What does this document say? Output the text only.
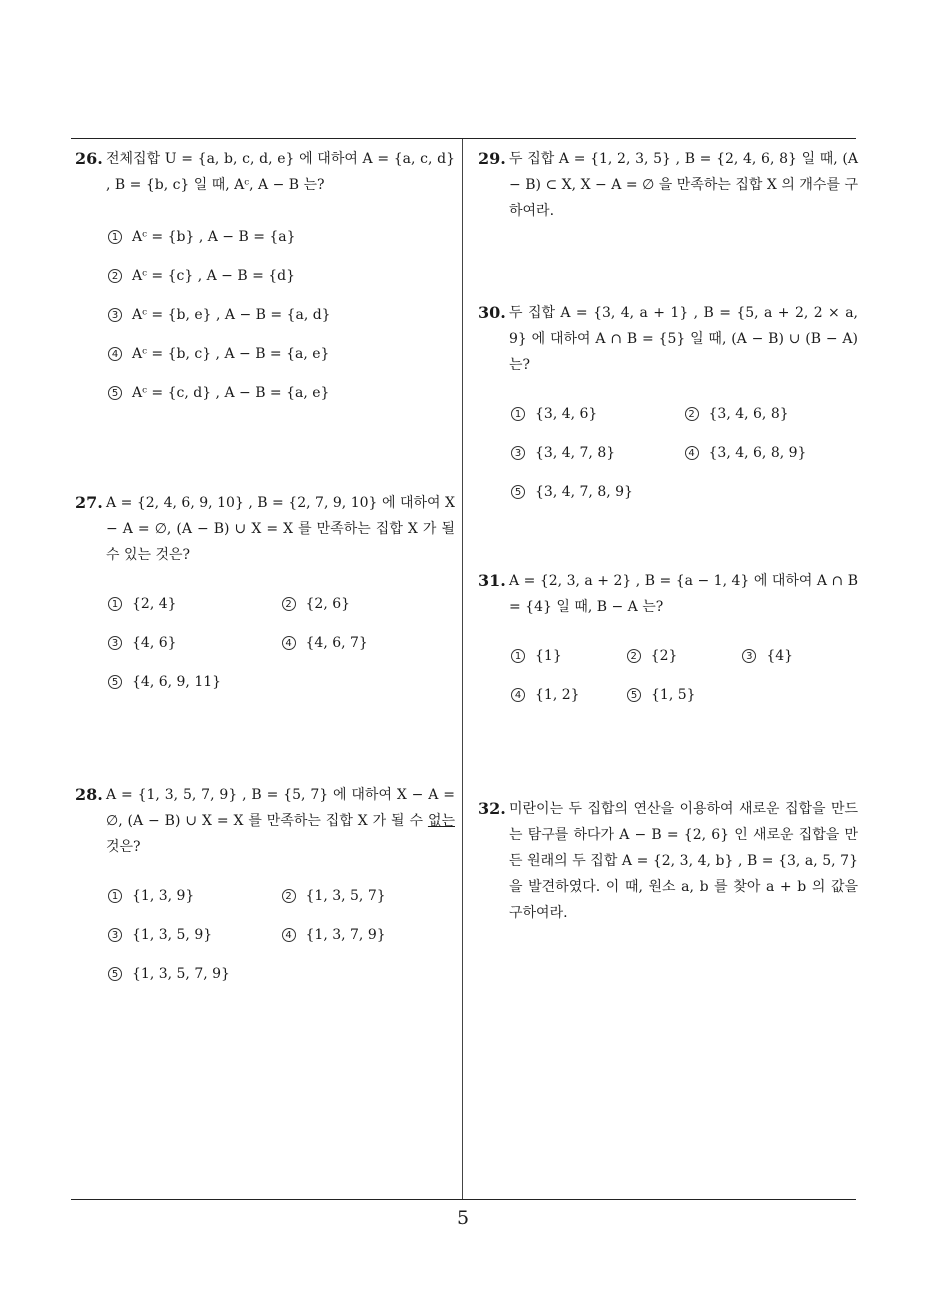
26. 전체집합 U = {a, b, c, d, e} 에 대하여 A = {a, c, d} , B = {b, c} 일 때, Aᶜ, A − B 는?
1 Aᶜ = {b} , A − B = {a}
2 Aᶜ = {c} , A − B = {d}
3 Aᶜ = {b, e} , A − B = {a, d}
4 Aᶜ = {b, c} , A − B = {a, e}
5 Aᶜ = {c, d} , A − B = {a, e}
27. A = {2, 4, 6, 9, 10} , B = {2, 7, 9, 10} 에 대하여 X − A = ∅, (A − B) ∪ X = X 를 만족하는 집합 X 가 될 수 있는 것은?
1 {2, 4}	2 {2, 6}
3 {4, 6}	4 {4, 6, 7}
5 {4, 6, 9, 11}
28. A = {1, 3, 5, 7, 9} , B = {5, 7} 에 대하여 X − A = ∅, (A − B) ∪ X = X 를 만족하는 집합 X 가 될 수 없는 것은?
1 {1, 3, 9}	2 {1, 3, 5, 7}
3 {1, 3, 5, 9}	4 {1, 3, 7, 9}
5 {1, 3, 5, 7, 9}
29. 두 집합 A = {1, 2, 3, 5} , B = {2, 4, 6, 8} 일 때, (A − B) ⊂ X, X − A = ∅ 을 만족하는 집합 X 의 개수를 구하여라.
30. 두 집합 A = {3, 4, a + 1} , B = {5, a + 2, 2 × a, 9} 에 대하여 A ∩ B = {5} 일 때, (A − B) ∪ (B − A) 는?
1 {3, 4, 6}	2 {3, 4, 6, 8}
3 {3, 4, 7, 8}	4 {3, 4, 6, 8, 9}
5 {3, 4, 7, 8, 9}
31. A = {2, 3, a + 2} , B = {a − 1, 4} 에 대하여 A ∩ B = {4} 일 때, B − A 는?
1 {1}	2 {2}	3 {4}
4 {1, 2}	5 {1, 5}
32. 미란이는 두 집합의 연산을 이용하여 새로운 집합을 만드는 탐구를 하다가 A − B = {2, 6} 인 새로운 집합을 만든 원래의 두 집합 A = {2, 3, 4, b} , B = {3, a, 5, 7} 을 발견하였다. 이 때, 원소 a, b 를 찾아 a + b 의 값을 구하여라.
5
